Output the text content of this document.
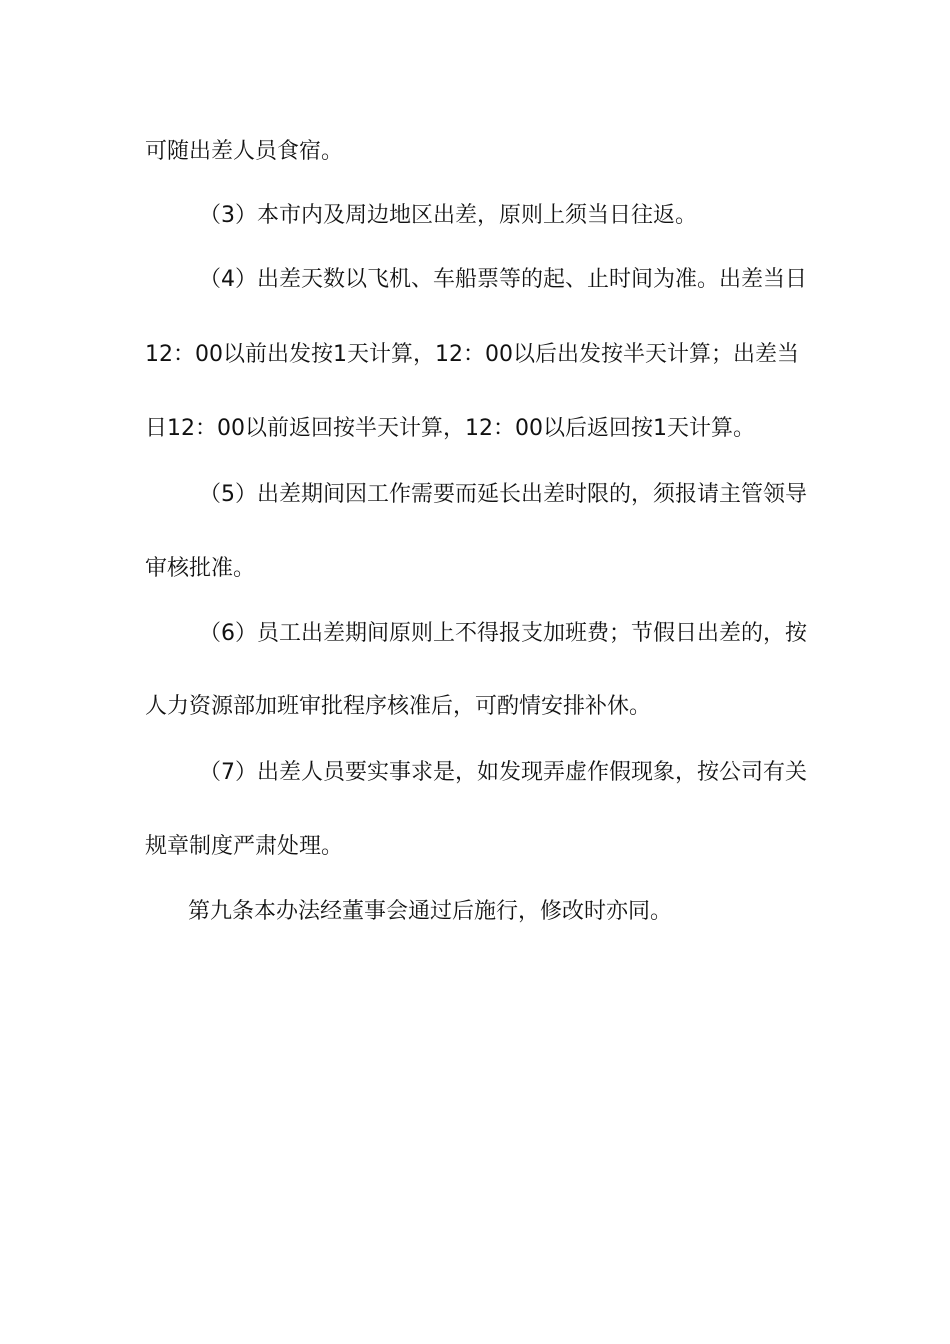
可随出差人员食宿。
（3）本市内及周边地区出差，原则上须当日往返。
（4）出差天数以飞机、车船票等的起、止时间为准。出差当日
12：00以前出发按1天计算，12：00以后出发按半天计算；出差当
日12：00以前返回按半天计算，12：00以后返回按1天计算。
（5）出差期间因工作需要而延长出差时限的，须报请主管领导
审核批准。
（6）员工出差期间原则上不得报支加班费；节假日出差的，按
人力资源部加班审批程序核准后，可酌情安排补休。
（7）出差人员要实事求是，如发现弄虚作假现象，按公司有关
规章制度严肃处理。
第九条本办法经董事会通过后施行，修改时亦同。
